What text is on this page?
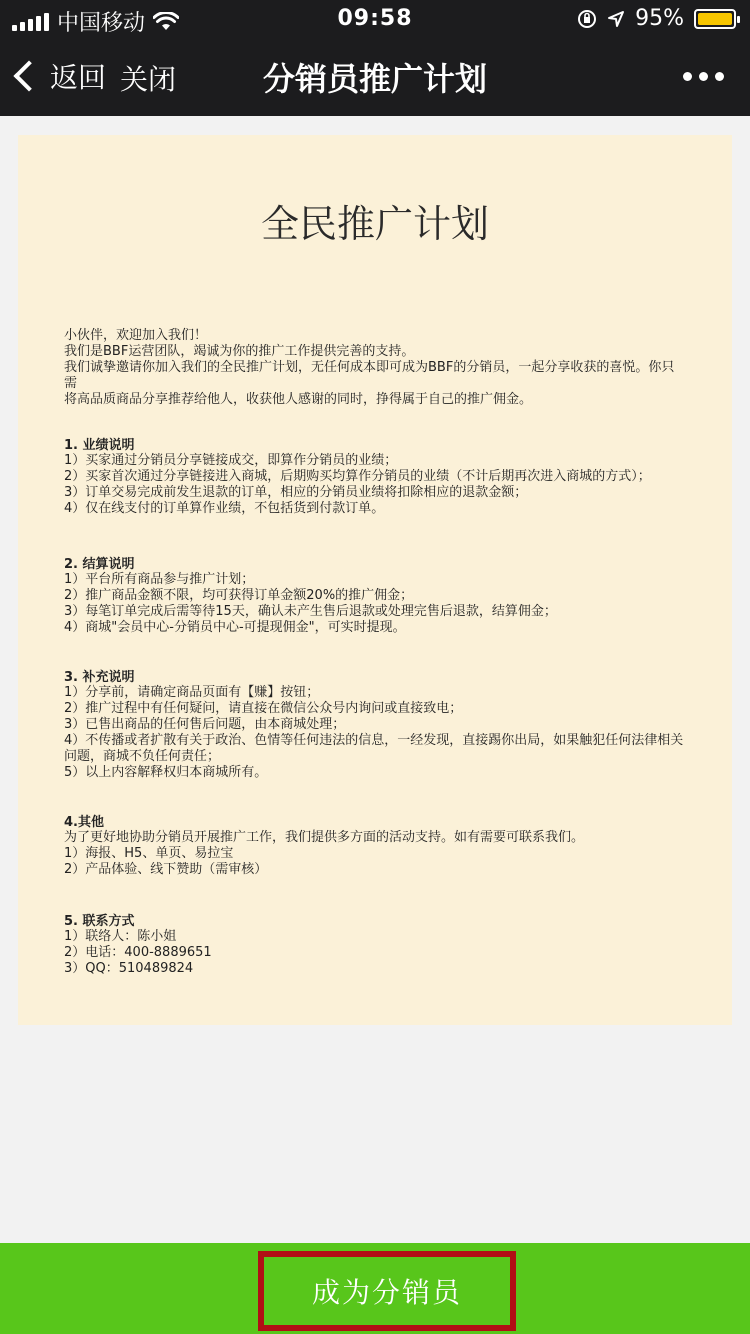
中国移动	09:58	95%
返回 关闭	分销员推广计划
全民推广计划

小伙伴，欢迎加入我们！

我们是BBF运营团队，竭诚为你的推广工作提供完善的支持。

我们诚挚邀请你加入我们的全民推广计划，无任何成本即可成为BBF的分销员，一起分享收获的喜悦。你只需

将高品质商品分享推荐给他人，收获他人感谢的同时，挣得属于自己的推广佣金。

1. 业绩说明
1）买家通过分销员分享链接成交，即算作分销员的业绩；
2）买家首次通过分享链接进入商城，后期购买均算作分销员的业绩（不计后期再次进入商城的方式）；
3）订单交易完成前发生退款的订单，相应的分销员业绩将扣除相应的退款金额；
4）仅在线支付的订单算作业绩，不包括货到付款订单。
2. 结算说明
1）平台所有商品参与推广计划；
2）推广商品金额不限，均可获得订单金额20%的推广佣金；
3）每笔订单完成后需等待15天，确认未产生售后退款或处理完售后退款，结算佣金；
4）商城"会员中心-分销员中心-可提现佣金"，可实时提现。
3. 补充说明
1）分享前，请确定商品页面有【赚】按钮；
2）推广过程中有任何疑问，请直接在微信公众号内询问或直接致电；
3）已售出商品的任何售后问题，由本商城处理；
4）不传播或者扩散有关于政治、色情等任何违法的信息，一经发现，直接踢你出局，如果触犯任何法律相关
问题，商城不负任何责任；
5）以上内容解释权归本商城所有。
4.其他
为了更好地协助分销员开展推广工作，我们提供多方面的活动支持。如有需要可联系我们。
1）海报、H5、单页、易拉宝
2）产品体验、线下赞助（需审核）
5. 联系方式
1）联络人：陈小姐
2）电话：400-8889651
3）QQ：510489824
成为分销员
